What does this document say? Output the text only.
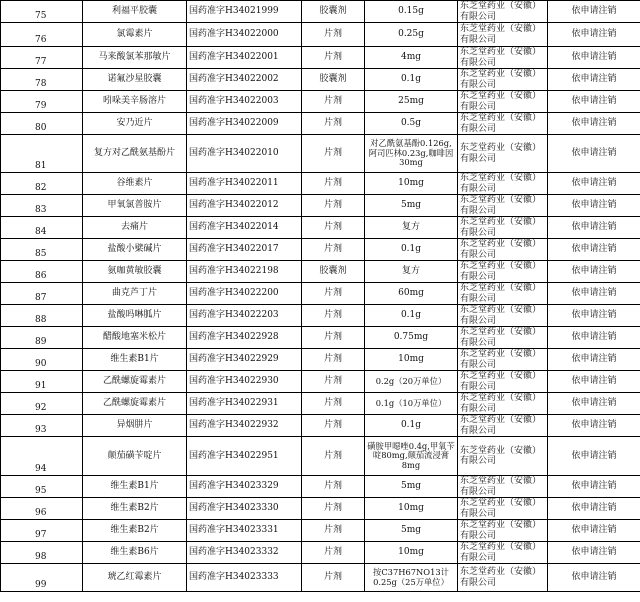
75	利福平胶囊	国药准字H34021999	胶囊剂	0.15g	东芝堂药业（安徽）有限公司	依申请注销
76	氯霉素片	国药准字H34022000	片剂	0.25g	东芝堂药业（安徽）有限公司	依申请注销
77	马来酸氯苯那敏片	国药准字H34022001	片剂	4mg	东芝堂药业（安徽）有限公司	依申请注销
78	诺氟沙星胶囊	国药准字H34022002	胶囊剂	0.1g	东芝堂药业（安徽）有限公司	依申请注销
79	吲哚美辛肠溶片	国药准字H34022003	片剂	25mg	东芝堂药业（安徽）有限公司	依申请注销
80	安乃近片	国药准字H34022009	片剂	0.5g	东芝堂药业（安徽）有限公司	依申请注销
81	复方对乙酰氨基酚片	国药准字H34022010	片剂	对乙酰氨基酚0.126g,阿司匹林0.23g,咖啡因30mg	东芝堂药业（安徽）有限公司	依申请注销
82	谷维素片	国药准字H34022011	片剂	10mg	东芝堂药业（安徽）有限公司	依申请注销
83	甲氧氯普胺片	国药准字H34022012	片剂	5mg	东芝堂药业（安徽）有限公司	依申请注销
84	去痛片	国药准字H34022014	片剂	复方	东芝堂药业（安徽）有限公司	依申请注销
85	盐酸小檗碱片	国药准字H34022017	片剂	0.1g	东芝堂药业（安徽）有限公司	依申请注销
86	氨咖黄敏胶囊	国药准字H34022198	胶囊剂	复方	东芝堂药业（安徽）有限公司	依申请注销
87	曲克芦丁片	国药准字H34022200	片剂	60mg	东芝堂药业（安徽）有限公司	依申请注销
88	盐酸吗啉胍片	国药准字H34022203	片剂	0.1g	东芝堂药业（安徽）有限公司	依申请注销
89	醋酸地塞米松片	国药准字H34022928	片剂	0.75mg	东芝堂药业（安徽）有限公司	依申请注销
90	维生素B1片	国药准字H34022929	片剂	10mg	东芝堂药业（安徽）有限公司	依申请注销
91	乙酰螺旋霉素片	国药准字H34022930	片剂	0.2g（20万单位）	东芝堂药业（安徽）有限公司	依申请注销
92	乙酰螺旋霉素片	国药准字H34022931	片剂	0.1g（10万单位）	东芝堂药业（安徽）有限公司	依申请注销
93	异烟肼片	国药准字H34022932	片剂	0.1g	东芝堂药业（安徽）有限公司	依申请注销
94	颠茄磺苄啶片	国药准字H34022951	片剂	磺胺甲噁唑0.4g,甲氧苄啶80mg,颠茄流浸膏8mg	东芝堂药业（安徽）有限公司	依申请注销
95	维生素B1片	国药准字H34023329	片剂	5mg	东芝堂药业（安徽）有限公司	依申请注销
96	维生素B2片	国药准字H34023330	片剂	10mg	东芝堂药业（安徽）有限公司	依申请注销
97	维生素B2片	国药准字H34023331	片剂	5mg	东芝堂药业（安徽）有限公司	依申请注销
98	维生素B6片	国药准字H34023332	片剂	10mg	东芝堂药业（安徽）有限公司	依申请注销
99	琥乙红霉素片	国药准字H34023333	片剂	按C37H67NO13计0.25g（25万单位）	东芝堂药业（安徽）有限公司	依申请注销
